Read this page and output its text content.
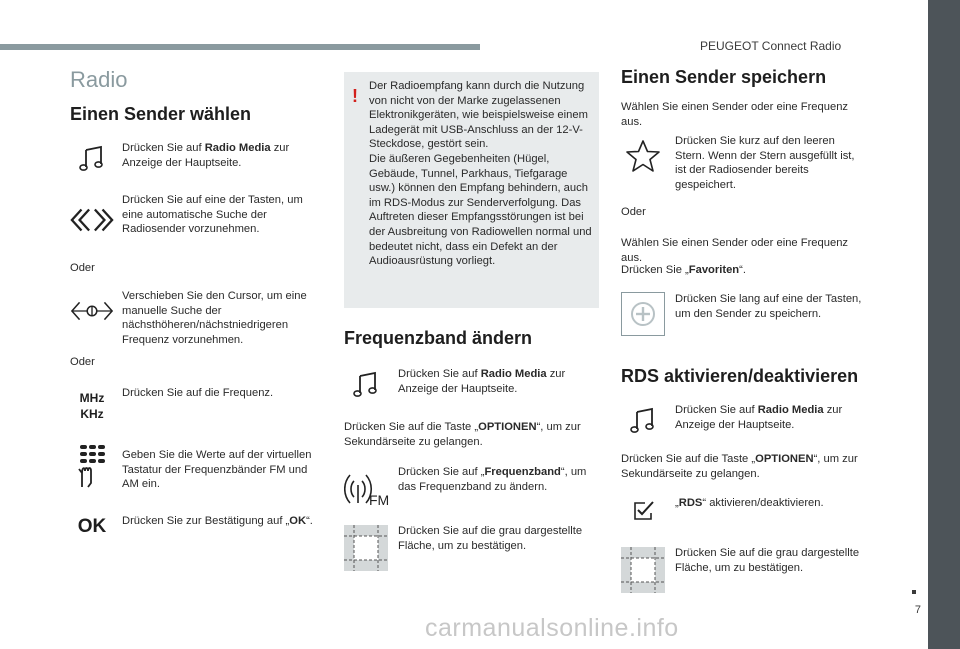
PEUGEOT Connect Radio
7
carmanualsonline.info
Radio
Einen Sender wählen
Drücken Sie auf Radio Media zur Anzeige der Hauptseite.
Drücken Sie auf eine der Tasten, um eine automatische Suche der Radiosender vorzunehmen.
Oder
Verschieben Sie den Cursor, um eine manuelle Suche der nächsthöheren/nächstniedrigeren Frequenz vorzunehmen.
Oder
MHz
KHz
Drücken Sie auf die Frequenz.
Geben Sie die Werte auf der virtuellen Tastatur der Frequenzbänder FM und AM ein.
OK Drücken Sie zur Bestätigung auf „OK“.
! Der Radioempfang kann durch die Nutzung von nicht von der Marke zugelassenen Elektronikgeräten, wie beispielsweise einem Ladegerät mit USB-Anschluss an der 12-V-Steckdose, gestört sein.
Die äußeren Gegebenheiten (Hügel, Gebäude, Tunnel, Parkhaus, Tiefgarage usw.) können den Empfang behindern, auch im RDS-Modus zur Senderverfolgung. Das Auftreten dieser Empfangsstörungen ist bei der Ausbreitung von Radiowellen normal und bedeutet nicht, dass ein Defekt an der Audioausrüstung vorliegt.
Frequenzband ändern
Drücken Sie auf Radio Media zur Anzeige der Hauptseite.
Drücken Sie auf die Taste „OPTIONEN“, um zur Sekundärseite zu gelangen.
FM
Drücken Sie auf „Frequenzband“, um das Frequenzband zu ändern.
Drücken Sie auf die grau dargestellte Fläche, um zu bestätigen.
Einen Sender speichern
Wählen Sie einen Sender oder eine Frequenz aus.
Drücken Sie kurz auf den leeren Stern. Wenn der Stern ausgefüllt ist, ist der Radiosender bereits gespeichert.
Oder
Wählen Sie einen Sender oder eine Frequenz aus.
Drücken Sie „Favoriten“.
Drücken Sie lang auf eine der Tasten, um den Sender zu speichern.
RDS aktivieren/deaktivieren
Drücken Sie auf Radio Media zur Anzeige der Hauptseite.
Drücken Sie auf die Taste „OPTIONEN“, um zur Sekundärseite zu gelangen.
„RDS“ aktivieren/deaktivieren.
Drücken Sie auf die grau dargestellte Fläche, um zu bestätigen.
